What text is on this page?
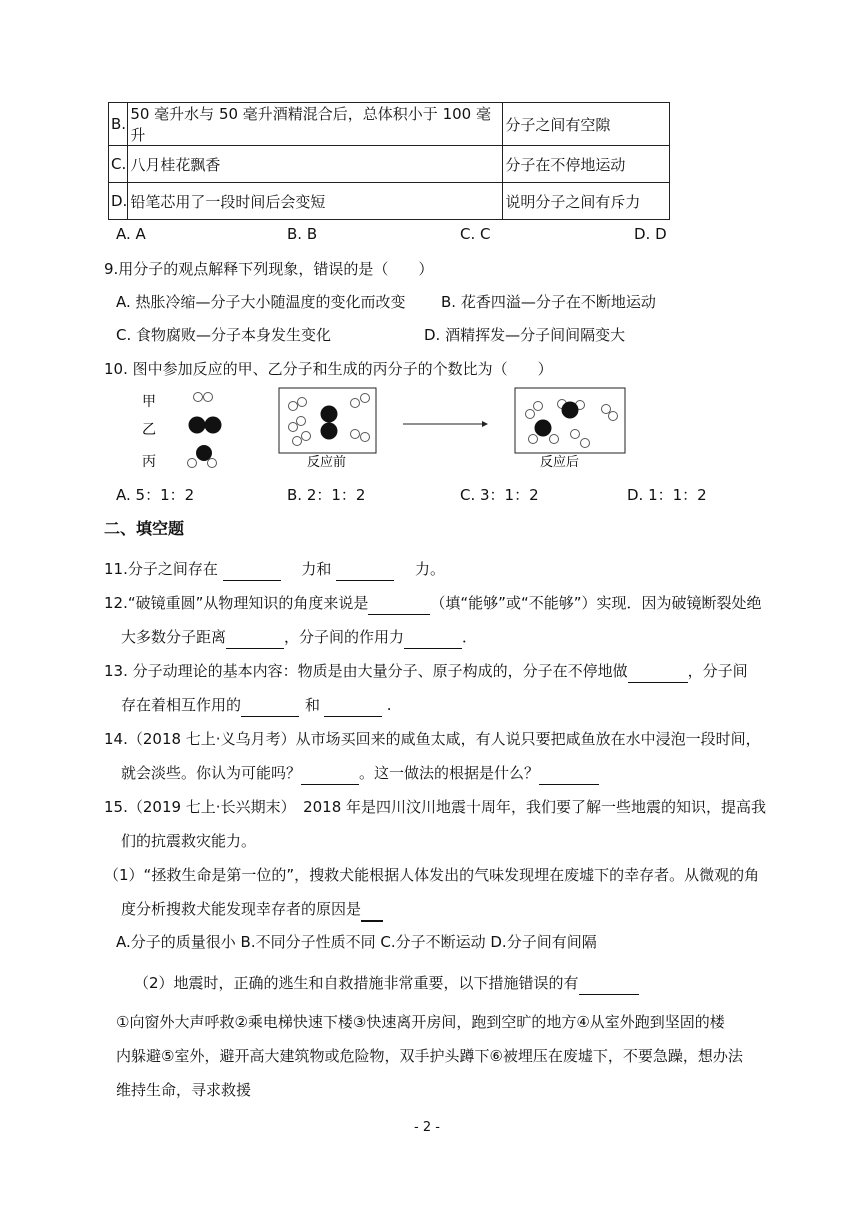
B.	50 毫升水与 50 毫升酒精混合后，总体积小于 100 毫升	分子之间有空隙
C.	八月桂花飘香	分子在不停地运动
D.	铅笔芯用了一段时间后会变短	说明分子之间有斥力
A. A	B. B	C. C	D. D
9.用分子的观点解释下列现象，错误的是（　　）
A. 热胀冷缩—分子大小随温度的变化而改变 B. 花香四溢—分子在不断地运动
C. 食物腐败—分子本身发生变化	D. 酒精挥发—分子间间隔变大
10. 图中参加反应的甲、乙分子和生成的丙分子的个数比为（　　）
甲
乙
丙	反应前	反应后
A. 5：1：2	B. 2：1：2	C. 3：1：2	D. 1：1：2
二、填空题
11.分子之间存在	力和	力。
12.“破镜重圆”从物理知识的角度来说是	（填“能够”或“不能够”）实现．因为破镜断裂处绝
大多数分子距离	，分子间的作用力	．
13. 分子动理论的基本内容：物质是由大量分子、原子构成的，分子在不停地做	，分子间
存在着相互作用的	和	.
14.（2018 七上·义乌月考）从市场买回来的咸鱼太咸，有人说只要把咸鱼放在水中浸泡一段时间，
就会淡些。你认为可能吗？	。这一做法的根据是什么？
15.（2019 七上·长兴期末）　2018 年是四川汶川地震十周年，我们要了解一些地震的知识，提高我
们的抗震救灾能力。
（1）“拯救生命是第一位的”，搜救犬能根据人体发出的气味发现埋在废墟下的幸存者。从微观的角
度分析搜救犬能发现幸存者的原因是
A.分子的质量很小 B.不同分子性质不同 C.分子不断运动 D.分子间有间隔
（2）地震时，正确的逃生和自救措施非常重要，以下措施错误的有
①向窗外大声呼救②乘电梯快速下楼③快速离开房间，跑到空旷的地方④从室外跑到坚固的楼
内躲避⑤室外，避开高大建筑物或危险物，双手护头蹲下⑥被埋压在废墟下，不要急躁，想办法
维持生命，寻求救援
- 2 -
